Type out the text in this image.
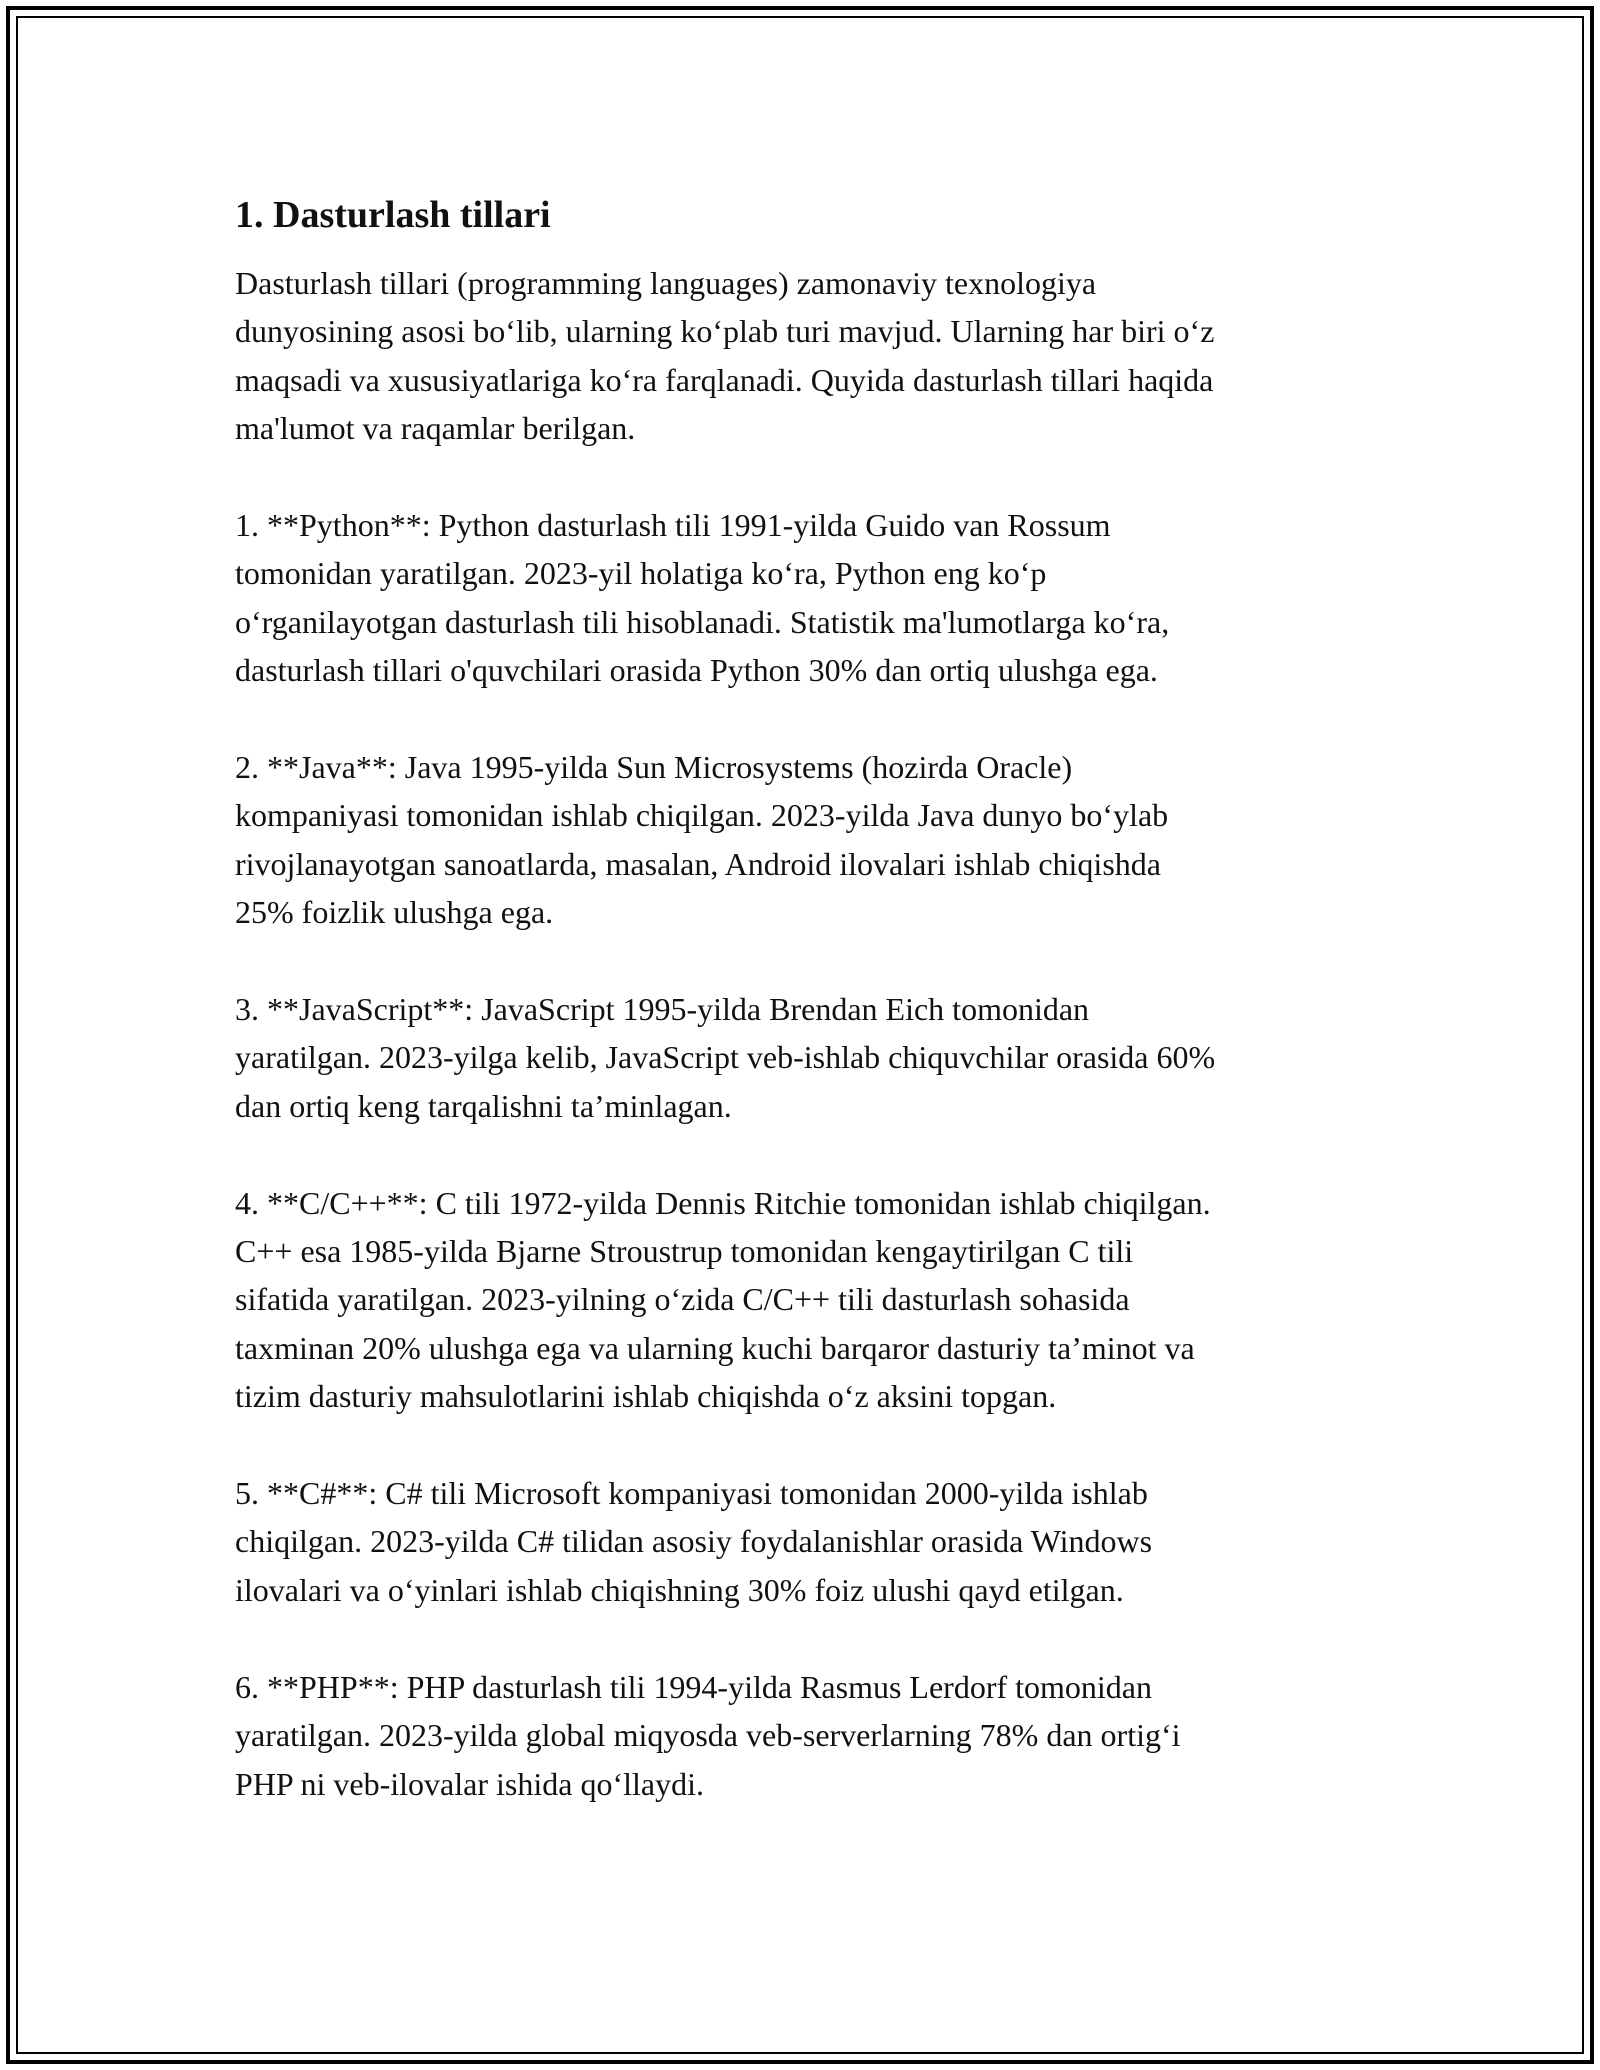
1. Dasturlash tillari

Dasturlash tillari (programming languages) zamonaviy texnologiya
dunyosining asosi bo‘lib, ularning ko‘plab turi mavjud. Ularning har biri o‘z
maqsadi va xususiyatlariga ko‘ra farqlanadi. Quyida dasturlash tillari haqida
ma'lumot va raqamlar berilgan.

1. **Python**: Python dasturlash tili 1991-yilda Guido van Rossum
tomonidan yaratilgan. 2023-yil holatiga ko‘ra, Python eng ko‘p
o‘rganilayotgan dasturlash tili hisoblanadi. Statistik ma'lumotlarga ko‘ra,
dasturlash tillari o'quvchilari orasida Python 30% dan ortiq ulushga ega.

2. **Java**: Java 1995-yilda Sun Microsystems (hozirda Oracle)
kompaniyasi tomonidan ishlab chiqilgan. 2023-yilda Java dunyo bo‘ylab
rivojlanayotgan sanoatlarda, masalan, Android ilovalari ishlab chiqishda
25% foizlik ulushga ega.

3. **JavaScript**: JavaScript 1995-yilda Brendan Eich tomonidan
yaratilgan. 2023-yilga kelib, JavaScript veb-ishlab chiquvchilar orasida 60%
dan ortiq keng tarqalishni ta’minlagan.

4. **C/C++**: C tili 1972-yilda Dennis Ritchie tomonidan ishlab chiqilgan.
C++ esa 1985-yilda Bjarne Stroustrup tomonidan kengaytirilgan C tili
sifatida yaratilgan. 2023-yilning o‘zida C/C++ tili dasturlash sohasida
taxminan 20% ulushga ega va ularning kuchi barqaror dasturiy ta’minot va
tizim dasturiy mahsulotlarini ishlab chiqishda o‘z aksini topgan.

5. **C#**: C# tili Microsoft kompaniyasi tomonidan 2000-yilda ishlab
chiqilgan. 2023-yilda C# tilidan asosiy foydalanishlar orasida Windows
ilovalari va o‘yinlari ishlab chiqishning 30% foiz ulushi qayd etilgan.

6. **PHP**: PHP dasturlash tili 1994-yilda Rasmus Lerdorf tomonidan
yaratilgan. 2023-yilda global miqyosda veb-serverlarning 78% dan ortig‘i
PHP ni veb-ilovalar ishida qo‘llaydi.
